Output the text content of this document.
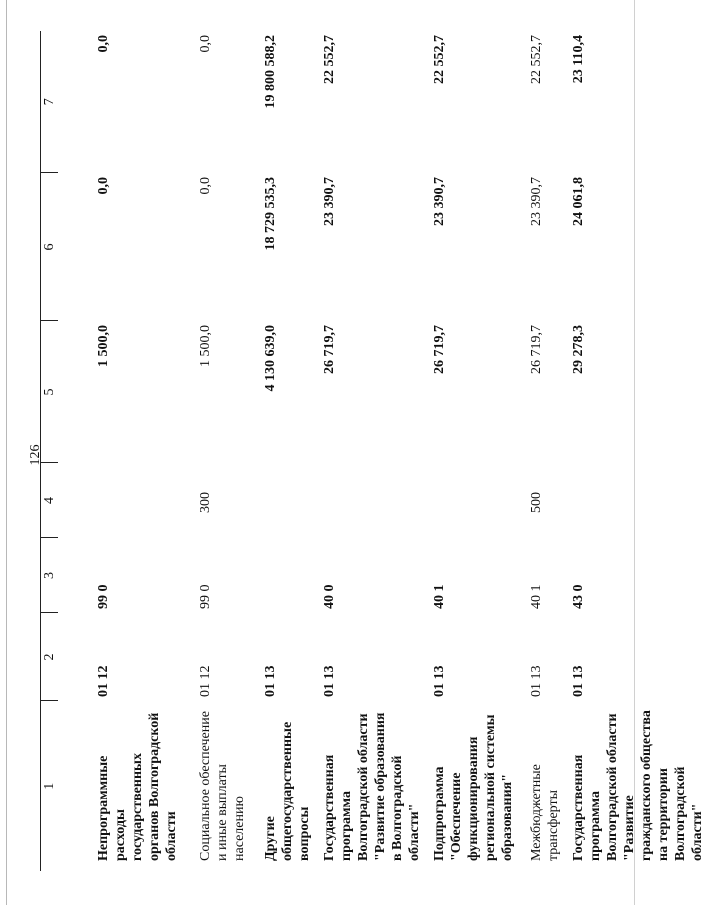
126
1	2	3	4	5	6	7
Непрограммные расходы государственных органов Волгоградской области	01 12	99 0		1 500,0	0,0	0,0
Социальное обеспечение и иные выплаты населению	01 12	99 0	300	1 500,0	0,0	0,0
Другие общегосударственные вопросы	01 13			4 130 639,0	18 729 535,3	19 800 588,2
Государственная программа Волгоградской области "Развитие образования в Волгоградской области"	01 13	40 0		26 719,7	23 390,7	22 552,7
Подпрограмма "Обеспечение функционирования региональной системы образования"	01 13	40 1		26 719,7	23 390,7	22 552,7
Межбюджетные трансферты	01 13	40 1	500	26 719,7	23 390,7	22 552,7
Государственная программа Волгоградской области "Развитие гражданского общества на территории Волгоградской области"	01 13	43 0		29 278,3	24 061,8	23 110,4
